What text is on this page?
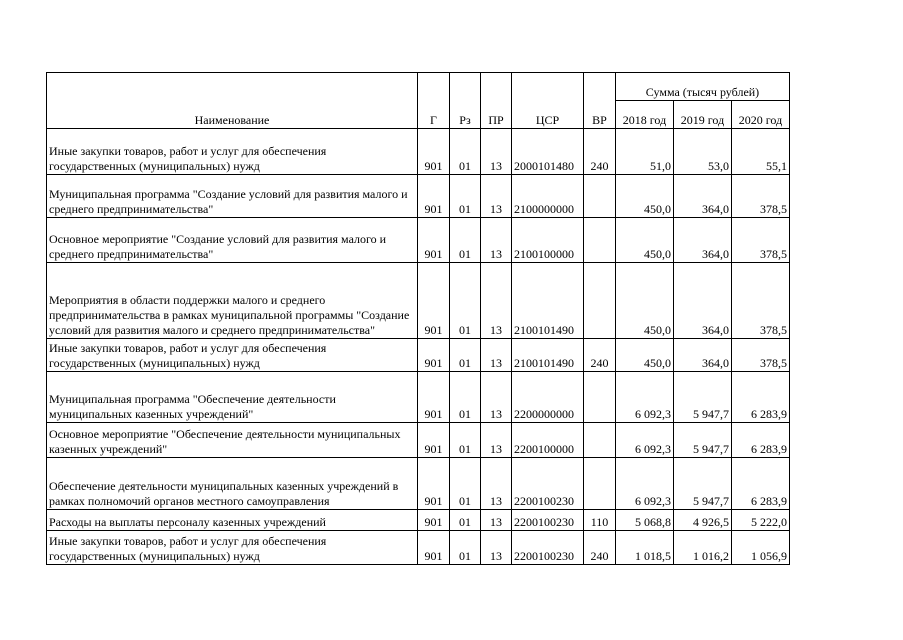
Наименование	Г	Рз	ПР	ЦСР	ВР	Сумма (тысяч рублей)		
						2018 год	2019 год	2020 год
Иные закупки товаров, работ и услуг для обеспечения государственных (муниципальных) нужд	901	01	13	2000101480	240	51,0	53,0	55,1
Муниципальная программа "Создание условий для развития малого и среднего предпринимательства"	901	01	13	2100000000		450,0	364,0	378,5
Основное мероприятие "Создание условий для развития малого и среднего предпринимательства"	901	01	13	2100100000		450,0	364,0	378,5
Мероприятия в области поддержки малого и среднего предпринимательства в рамках муниципальной программы "Создание условий для развития малого и среднего предпринимательства"	901	01	13	2100101490		450,0	364,0	378,5
Иные закупки товаров, работ и услуг для обеспечения государственных (муниципальных) нужд	901	01	13	2100101490	240	450,0	364,0	378,5
Муниципальная программа "Обеспечение деятельности муниципальных казенных учреждений"	901	01	13	2200000000		6 092,3	5 947,7	6 283,9
Основное мероприятие "Обеспечение деятельности муниципальных казенных учреждений"	901	01	13	2200100000		6 092,3	5 947,7	6 283,9
Обеспечение деятельности муниципальных казенных учреждений в рамках полномочий органов местного самоуправления	901	01	13	2200100230		6 092,3	5 947,7	6 283,9
Расходы на выплаты персоналу казенных учреждений	901	01	13	2200100230	110	5 068,8	4 926,5	5 222,0
Иные закупки товаров, работ и услуг для обеспечения государственных (муниципальных) нужд	901	01	13	2200100230	240	1 018,5	1 016,2	1 056,9
